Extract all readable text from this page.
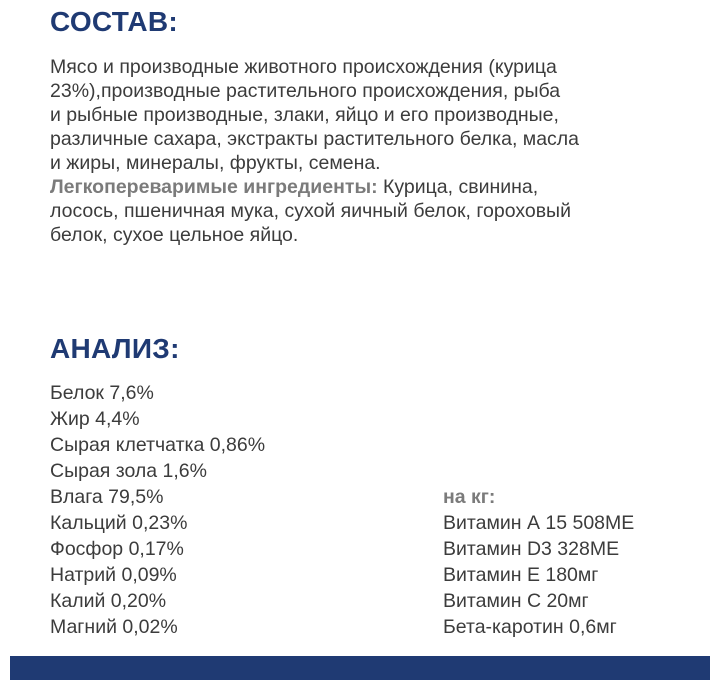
СОСТАВ:
Мясо и производные животного происхождения (курица
23%),производные растительного происхождения, рыба
и рыбные производные, злаки, яйцо и его производные,
различные сахара, экстракты растительного белка, масла
и жиры, минералы, фрукты, семена.
Легкопереваримые ингредиенты: Курица, свинина,
лосось, пшеничная мука, сухой яичный белок, гороховый
белок, сухое цельное яйцо.
АНАЛИЗ:
Белок 7,6%
Жир 4,4%
Сырая клетчатка 0,86%
Сырая зола 1,6%
Влага 79,5%
Кальций 0,23%
Фосфор 0,17%
Натрий 0,09%
Калий 0,20%
Магний 0,02%
на кг:
Витамин А 15 508МЕ
Витамин D3 328МЕ
Витамин Е 180мг
Витамин С 20мг
Бета-каротин 0,6мг
